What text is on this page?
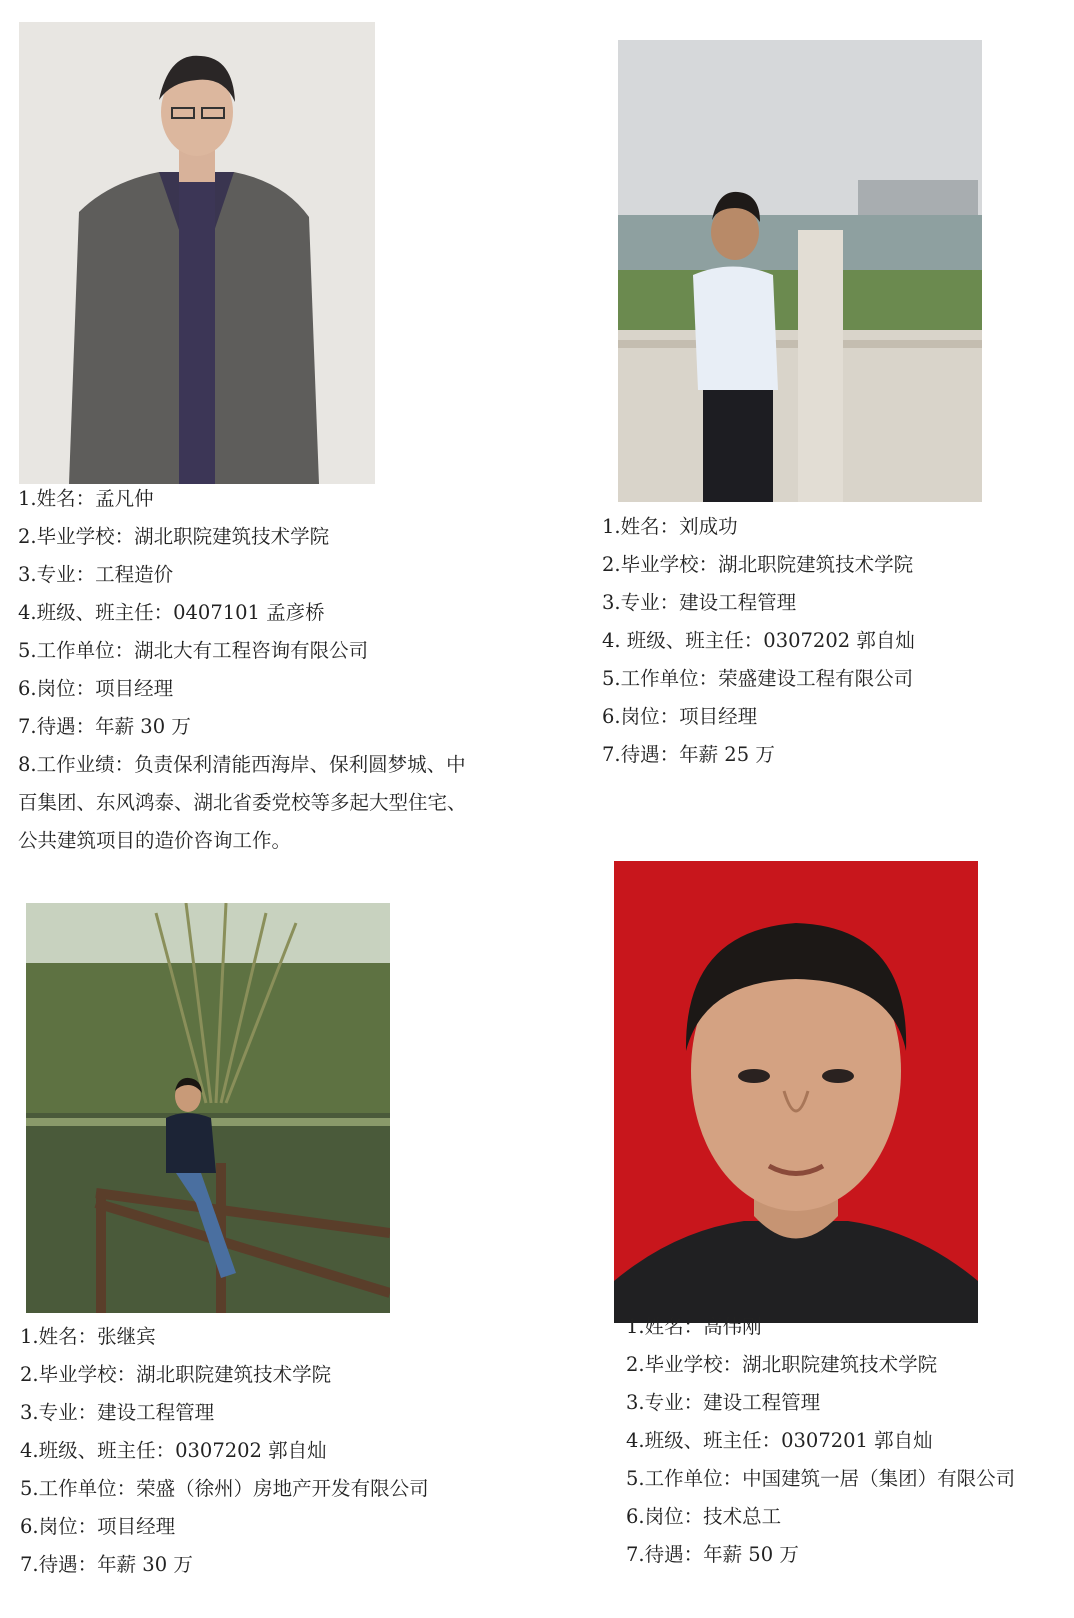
1.姓名：孟凡仲
2.毕业学校：湖北职院建筑技术学院
3.专业：工程造价
4.班级、班主任：0407101 孟彦桥
5.工作单位：湖北大有工程咨询有限公司
6.岗位：项目经理
7.待遇：年薪 30 万
8.工作业绩：负责保利清能西海岸、保利圆梦城、中
百集团、东风鸿泰、湖北省委党校等多起大型住宅、
公共建筑项目的造价咨询工作。
1.姓名：刘成功
2.毕业学校：湖北职院建筑技术学院
3.专业：建设工程管理
4. 班级、班主任：0307202 郭自灿
5.工作单位：荣盛建设工程有限公司
6.岗位：项目经理
7.待遇：年薪 25 万
1.姓名：张继宾
2.毕业学校：湖北职院建筑技术学院
3.专业：建设工程管理
4.班级、班主任：0307202 郭自灿
5.工作单位：荣盛（徐州）房地产开发有限公司
6.岗位：项目经理
7.待遇：年薪 30 万
1.姓名：高伟刚
2.毕业学校：湖北职院建筑技术学院
3.专业：建设工程管理
4.班级、班主任：0307201 郭自灿
5.工作单位：中国建筑一居（集团）有限公司
6.岗位：技术总工
7.待遇：年薪 50 万
